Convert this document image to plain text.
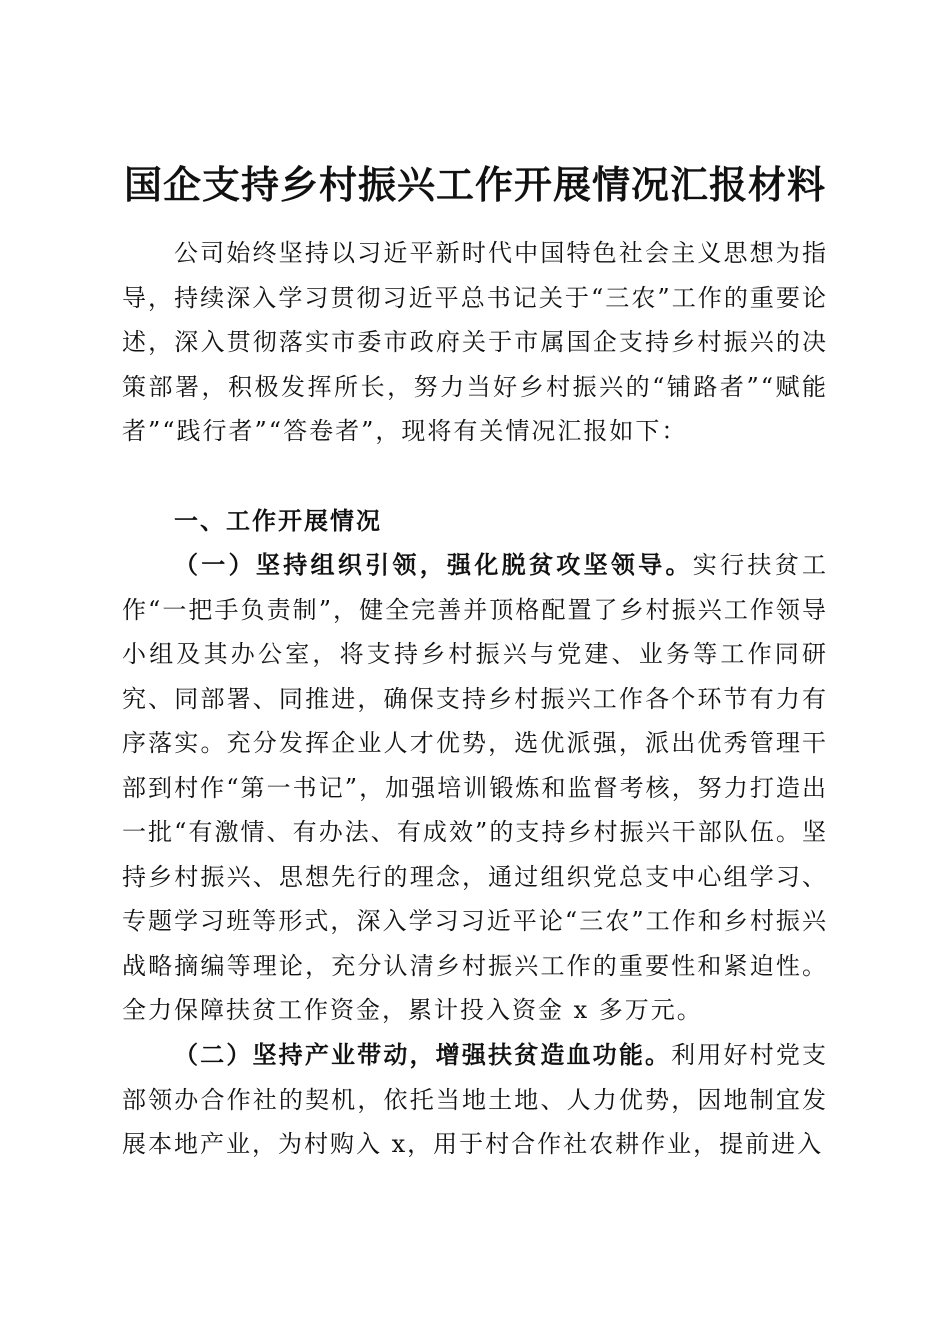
国企支持乡村振兴工作开展情况汇报材料

公司始终坚持以习近平新时代中国特色社会主义思想为指导，持续深入学习贯彻习近平总书记关于“三农”工作的重要论述，深入贯彻落实市委市政府关于市属国企支持乡村振兴的决策部署，积极发挥所长，努力当好乡村振兴的“铺路者”“赋能者”“践行者”“答卷者”，现将有关情况汇报如下：

一、工作开展情况

（一）坚持组织引领，强化脱贫攻坚领导。实行扶贫工作“一把手负责制”，健全完善并顶格配置了乡村振兴工作领导小组及其办公室，将支持乡村振兴与党建、业务等工作同研究、同部署、同推进，确保支持乡村振兴工作各个环节有力有序落实。充分发挥企业人才优势，选优派强，派出优秀管理干部到村作“第一书记”，加强培训锻炼和监督考核，努力打造出一批“有激情、有办法、有成效”的支持乡村振兴干部队伍。坚持乡村振兴、思想先行的理念，通过组织党总支中心组学习、专题学习班等形式，深入学习习近平论“三农”工作和乡村振兴战略摘编等理论，充分认清乡村振兴工作的重要性和紧迫性。全力保障扶贫工作资金，累计投入资金 x 多万元。

（二）坚持产业带动，增强扶贫造血功能。利用好村党支部领办合作社的契机，依托当地土地、人力优势，因地制宜发展本地产业，为村购入 x，用于村合作社农耕作业，提前进入
